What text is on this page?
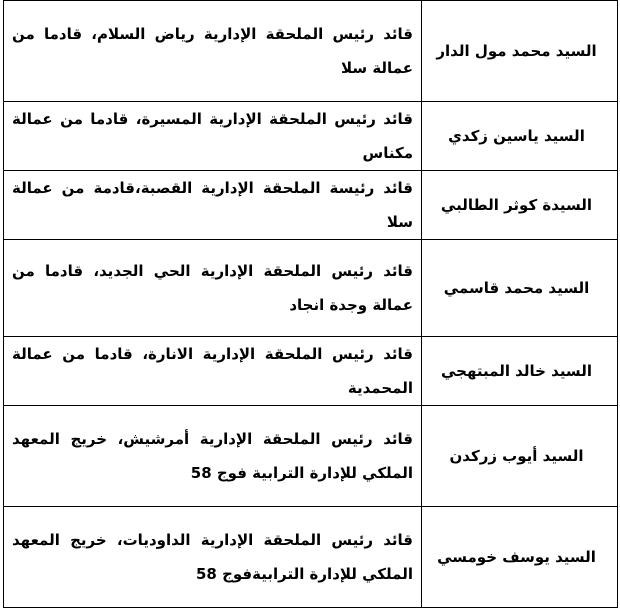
السيد محمد مول الدار	قائد رئيس الملحقة الإدارية رياض السلام، قادما من عمالة سلا
السيد ياسين زكدي	قائد رئيس الملحقة الإدارية المسيرة، قادما من عمالة مكناس
السيدة كوثر الطالبي	قائد رئيسة الملحقة الإدارية القصبة،قادمة من عمالة سلا
السيد محمد قاسمي	قائد رئيس الملحقة الإدارية الحي الجديد، قادما من عمالة وجدة انجاد
السيد خالد المبتهجي	قائد رئيس الملحقة الإدارية الانارة، قادما من عمالة المحمدية
السيد أيوب زركدن	قائد رئيس الملحقة الإدارية أمرشيش، خريج المعهد الملكي للإدارة الترابية فوج 58
السيد يوسف خومسي	قائد رئيس الملحقة الإدارية الداوديات، خريج المعهد الملكي للإدارة الترابيةفوج 58
